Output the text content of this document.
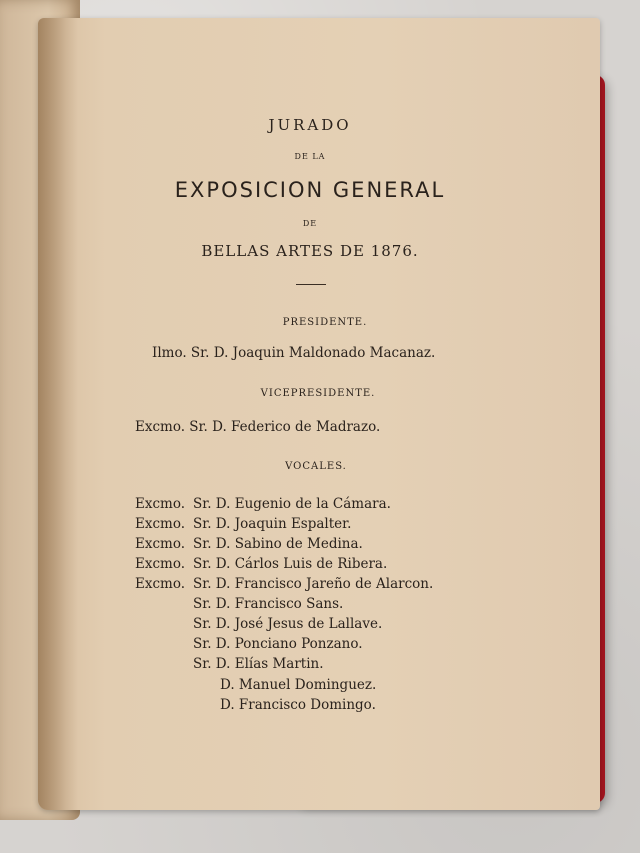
JURADO
DE LA
EXPOSICION GENERAL
DE
BELLAS ARTES DE 1876.
PRESIDENTE.
Ilmo. Sr. D. Joaquin Maldonado Macanaz.
VICEPRESIDENTE.
Excmo. Sr. D. Federico de Madrazo.
VOCALES.
Excmo. Sr. D. Eugenio de la Cámara.
Excmo. Sr. D. Joaquin Espalter.
Excmo. Sr. D. Sabino de Medina.
Excmo. Sr. D. Cárlos Luis de Ribera.
Excmo. Sr. D. Francisco Jareño de Alarcon.
Sr. D. Francisco Sans.
Sr. D. José Jesus de Lallave.
Sr. D. Ponciano Ponzano.
Sr. D. Elías Martin.
D. Manuel Dominguez.
D. Francisco Domingo.
